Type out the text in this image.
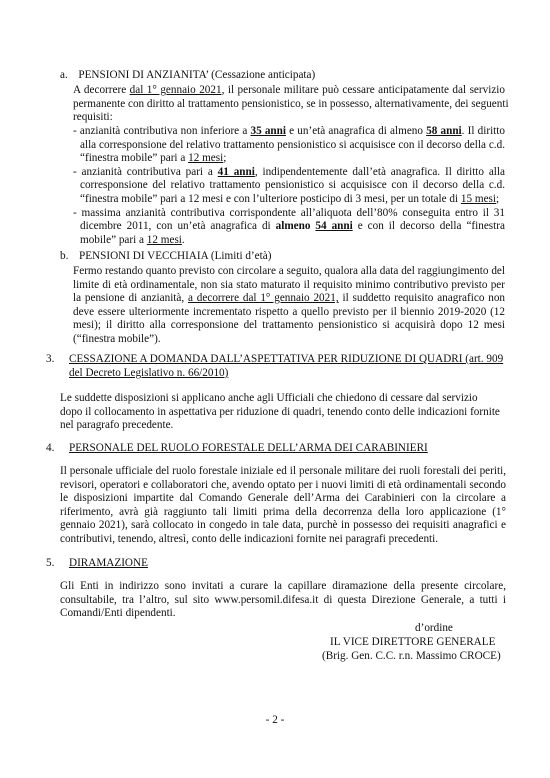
a. PENSIONI DI ANZIANITA’ (Cessazione anticipata)
A decorrere dal 1° gennaio 2021, il personale militare può cessare anticipatamente dal servizio
permanente con diritto al trattamento pensionistico, se in possesso, alternativamente, dei seguenti
requisiti:
- anzianità contributiva non inferiore a 35 anni e un’età anagrafica di almeno 58 anni. Il diritto
alla corresponsione del relativo trattamento pensionistico si acquisisce con il decorso della c.d.
“finestra mobile” pari a 12 mesi;
- anzianità contributiva pari a 41 anni, indipendentemente dall’età anagrafica. Il diritto alla
corresponsione del relativo trattamento pensionistico si acquisisce con il decorso della c.d.
“finestra mobile” pari a 12 mesi e con l’ulteriore posticipo di 3 mesi, per un totale di 15 mesi;
- massima anzianità contributiva corrispondente all’aliquota dell’80% conseguita entro il 31
dicembre 2011, con un’età anagrafica di almeno 54 anni e con il decorso della “finestra
mobile” pari a 12 mesi.
b. PENSIONI DI VECCHIAIA (Limiti d’età)
Fermo restando quanto previsto con circolare a seguito, qualora alla data del raggiungimento del
limite di età ordinamentale, non sia stato maturato il requisito minimo contributivo previsto per
la pensione di anzianità, a decorrere dal 1° gennaio 2021, il suddetto requisito anagrafico non
deve essere ulteriormente incrementato rispetto a quello previsto per il biennio 2019-2020 (12
mesi); il diritto alla corresponsione del trattamento pensionistico si acquisirà dopo 12 mesi
(“finestra mobile”).
3. CESSAZIONE A DOMANDA DALL’ASPETTATIVA PER RIDUZIONE DI QUADRI (art. 909
del Decreto Legislativo n. 66/2010)
Le suddette disposizioni si applicano anche agli Ufficiali che chiedono di cessare dal servizio
dopo il collocamento in aspettativa per riduzione di quadri, tenendo conto delle indicazioni fornite
nel paragrafo precedente.
4. PERSONALE DEL RUOLO FORESTALE DELL’ARMA DEI CARABINIERI
Il personale ufficiale del ruolo forestale iniziale ed il personale militare dei ruoli forestali dei periti,
revisori, operatori e collaboratori che, avendo optato per i nuovi limiti di età ordinamentali secondo
le disposizioni impartite dal Comando Generale dell’Arma dei Carabinieri con la circolare a
riferimento, avrà già raggiunto tali limiti prima della decorrenza della loro applicazione (1°
gennaio 2021), sarà collocato in congedo in tale data, purchè in possesso dei requisiti anagrafici e
contributivi, tenendo, altresì, conto delle indicazioni fornite nei paragrafi precedenti.
5. DIRAMAZIONE
Gli Enti in indirizzo sono invitati a curare la capillare diramazione della presente circolare,
consultabile, tra l’altro, sul sito www.persomil.difesa.it di questa Direzione Generale, a tutti i
Comandi/Enti dipendenti.
d’ordine
IL VICE DIRETTORE GENERALE
(Brig. Gen. C.C. r.n. Massimo CROCE)
- 2 -
